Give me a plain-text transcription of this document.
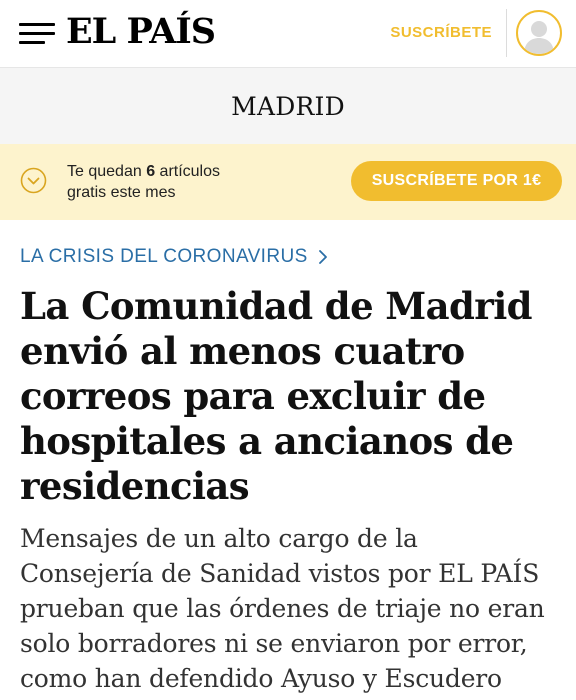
EL PAÍS	SUSCRÍBETE
MADRID
Te quedan 6 artículos
gratis este mes
SUSCRÍBETE POR 1€
LA CRISIS DEL CORONAVIRUS
La Comunidad de Madrid envió al menos cuatro correos para excluir de hospitales a ancianos de residencias

Mensajes de un alto cargo de la Consejería de Sanidad vistos por EL PAÍS prueban que las órdenes de triaje no eran solo borradores ni se enviaron por error, como han defendido Ayuso y Escudero
